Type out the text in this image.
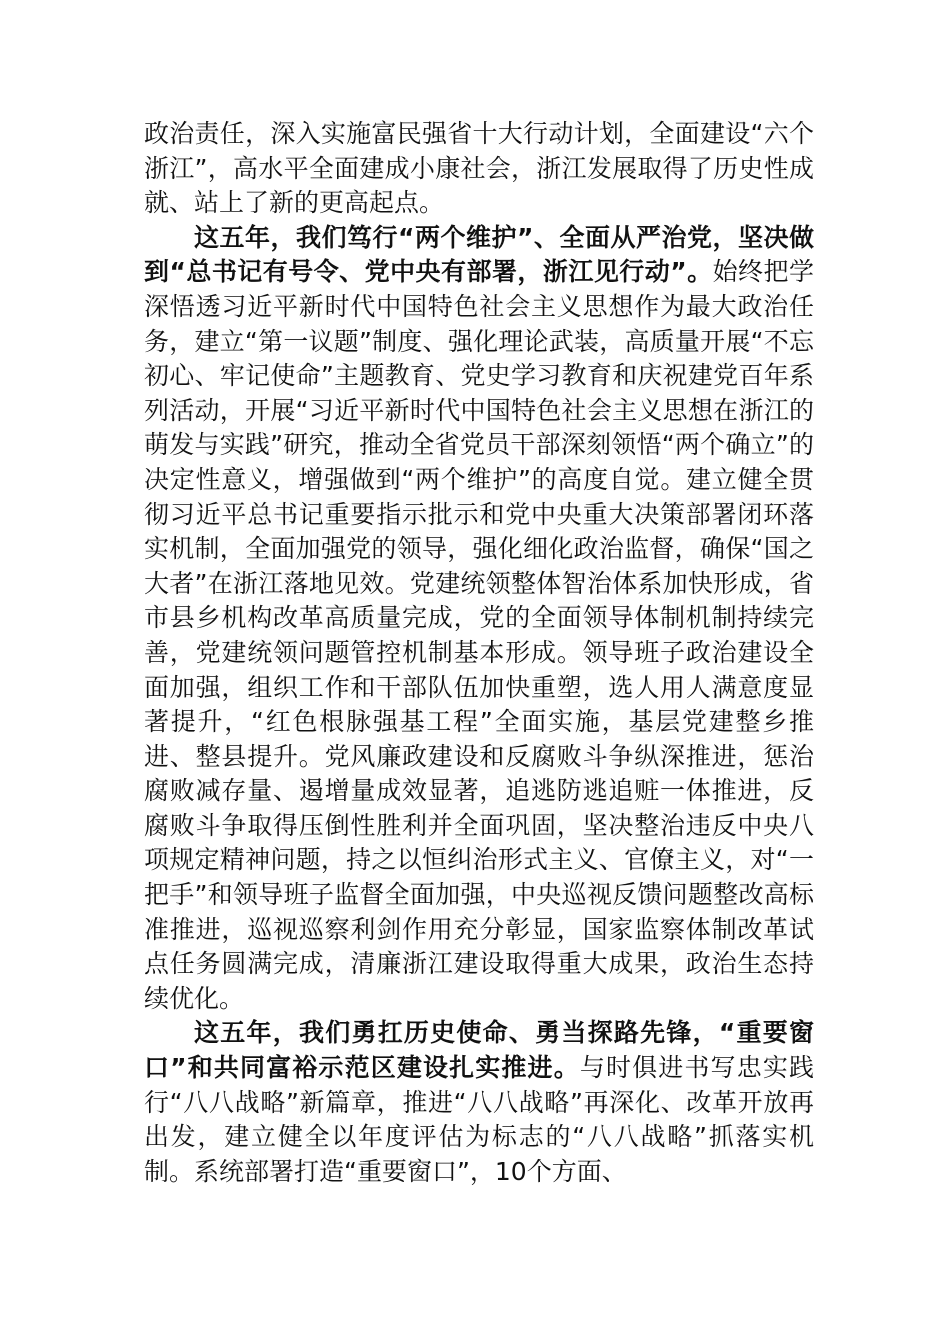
政治责任，深入实施富民强省十大行动计划，全面建设“六个浙江”，高水平全面建成小康社会，浙江发展取得了历史性成就、站上了新的更高起点。

这五年，我们笃行“两个维护”、全面从严治党，坚决做到“总书记有号令、党中央有部署，浙江见行动”。始终把学深悟透习近平新时代中国特色社会主义思想作为最大政治任务，建立“第一议题”制度、强化理论武装，高质量开展“不忘初心、牢记使命”主题教育、党史学习教育和庆祝建党百年系列活动，开展“习近平新时代中国特色社会主义思想在浙江的萌发与实践”研究，推动全省党员干部深刻领悟“两个确立”的决定性意义，增强做到“两个维护”的高度自觉。建立健全贯彻习近平总书记重要指示批示和党中央重大决策部署闭环落实机制，全面加强党的领导，强化细化政治监督，确保“国之大者”在浙江落地见效。党建统领整体智治体系加快形成，省市县乡机构改革高质量完成，党的全面领导体制机制持续完善，党建统领问题管控机制基本形成。领导班子政治建设全面加强，组织工作和干部队伍加快重塑，选人用人满意度显著提升，“红色根脉强基工程”全面实施，基层党建整乡推进、整县提升。党风廉政建设和反腐败斗争纵深推进，惩治腐败减存量、遏增量成效显著，追逃防逃追赃一体推进，反腐败斗争取得压倒性胜利并全面巩固，坚决整治违反中央八项规定精神问题，持之以恒纠治形式主义、官僚主义，对“一把手”和领导班子监督全面加强，中央巡视反馈问题整改高标准推进，巡视巡察利剑作用充分彰显，国家监察体制改革试点任务圆满完成，清廉浙江建设取得重大成果，政治生态持续优化。

这五年，我们勇扛历史使命、勇当探路先锋，“重要窗口”和共同富裕示范区建设扎实推进。与时俱进书写忠实践行“八八战略”新篇章，推进“八八战略”再深化、改革开放再出发，建立健全以年度评估为标志的“八八战略”抓落实机制。系统部署打造“重要窗口”，10个方面、
